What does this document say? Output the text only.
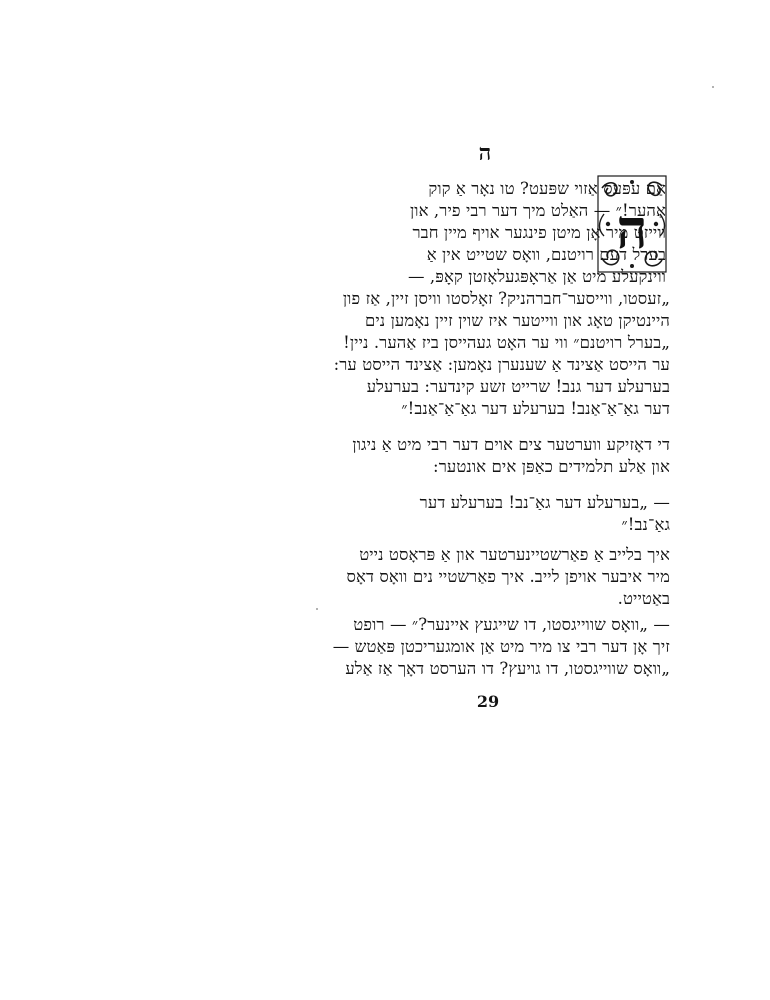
ה
ה
אַם עפּעס אַזוי שפּעט? טו נאָר אַ קוק
אַהער!״ — האַלט מיך דער רבי פיר, און
ווייזט מיר אָן מיטן פינגער אויף מיין חבר
בערל דעם רויטנם, וואָס שטייט אין אַ
ווינקעלע מיט אַן אַראָפּגעלאָזטן קאָפּ, —
„זעסטו, ווייסער־חברהניק? זאָלסטו וויסן זיין, אַז פון
היינטיקן טאָג און ווייטער איז שוין זיין נאָמען נים
„בערל רויטנם״ ווי ער האָט געהייסן ביז אַהער. ניין!
ער הייסט אַצינד אַ שענערן נאָמען: אַצינד הייסט ער:
בערעלע דער גנב! שרייט זשע קינדער: בערעלע
דער גאַ־אַ־אַנב! בערעלע דער גאַ־אַ־אַנב!״
די דאָזיקע ווערטער צים אוים דער רבי מיט אַ ניגון
און אַלע תלמידים כאַפּן אים אונטער:
— „בערעלע דער גאַ־נב! בערעלע דער
גאַ־נב!״
איך בלייב אַ פאַרשטיינערטער און אַ פּראָסט נייט
מיר איבער אויפן לייב. איך פאַרשטיי נים וואָס דאָס
באַטייט.
— „וואָס שווייגסטו, דו שייגעץ איינער?״ — רופט
זיך אָן דער רבי צו מיר מיט אַן אומגעריכטן פּאַטש —
„וואָס שווייגסטו, דו גויעץ? דו הערסט דאָך אַז אַלע
29
